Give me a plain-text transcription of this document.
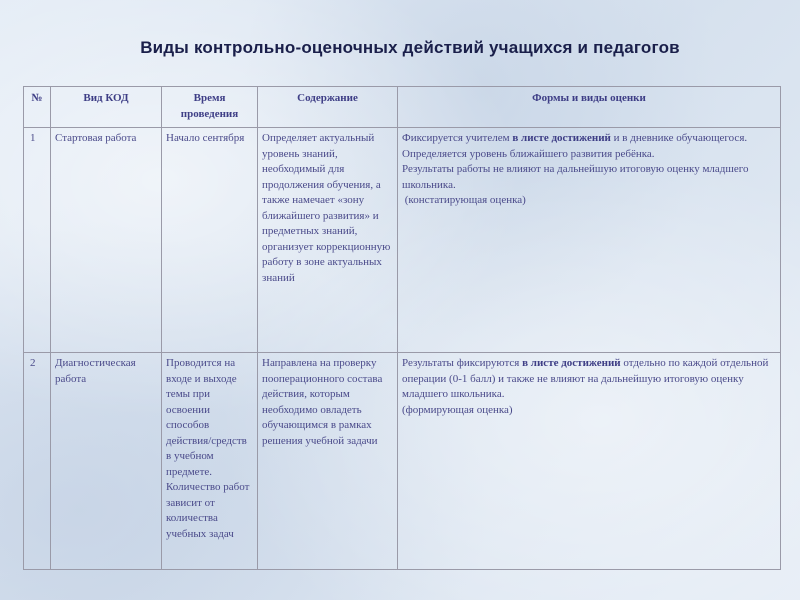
Виды контрольно-оценочных действий учащихся и педагогов
№	Вид КОД	Время проведения	Содержание	Формы и виды оценки
1	Стартовая работа	Начало сентября	Определяет актуальный уровень знаний, необходимый для продолжения обучения, а также намечает «зону ближайшего развития» и предметных знаний, организует коррекционную работу в зоне актуальных знаний	Фиксируется учителем в листе достижений и в дневнике обучающегося. Определяется уровень ближайшего развития ребёнка.
Результаты работы не влияют на дальнейшую итоговую оценку младшего школьника.
(констатирующая оценка)

2	Диагностическая работа	Проводится на входе и выходе темы при освоении способов действия/средств в учебном предмете. Количество работ зависит от количества учебных задач	Направлена на проверку пооперационного состава действия, которым необходимо овладеть обучающимся в рамках решения учебной задачи	Результаты фиксируются в листе достижений отдельно по каждой отдельной операции (0-1 балл) и также не влияют на дальнейшую итоговую оценку младшего школьника.
(формирующая оценка)
